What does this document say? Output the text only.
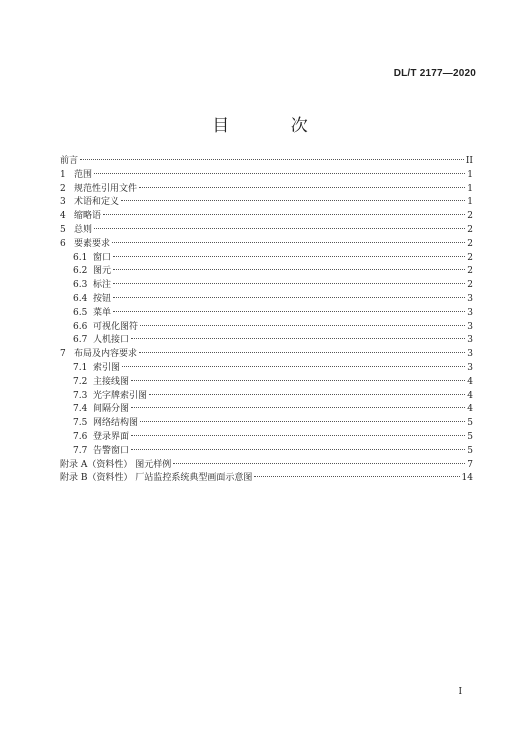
DL/T 2177—2020
目 次
前言	II
1 范围	1
2 规范性引用文件	1
3 术语和定义	1
4 缩略语	2
5 总则	2
6 要素要求	2
6.1 窗口	2
6.2 图元	2
6.3 标注	2
6.4 按钮	3
6.5 菜单	3
6.6 可视化图符	3
6.7 人机接口	3
7 布局及内容要求	3
7.1 索引图	3
7.2 主接线图	4
7.3 光字牌索引图	4
7.4 间隔分图	4
7.5 网络结构图	5
7.6 登录界面	5
7.7 告警窗口	5
附录 A（资料性） 图元样例	7
附录 B（资料性） 厂站监控系统典型画面示意图	14
I
